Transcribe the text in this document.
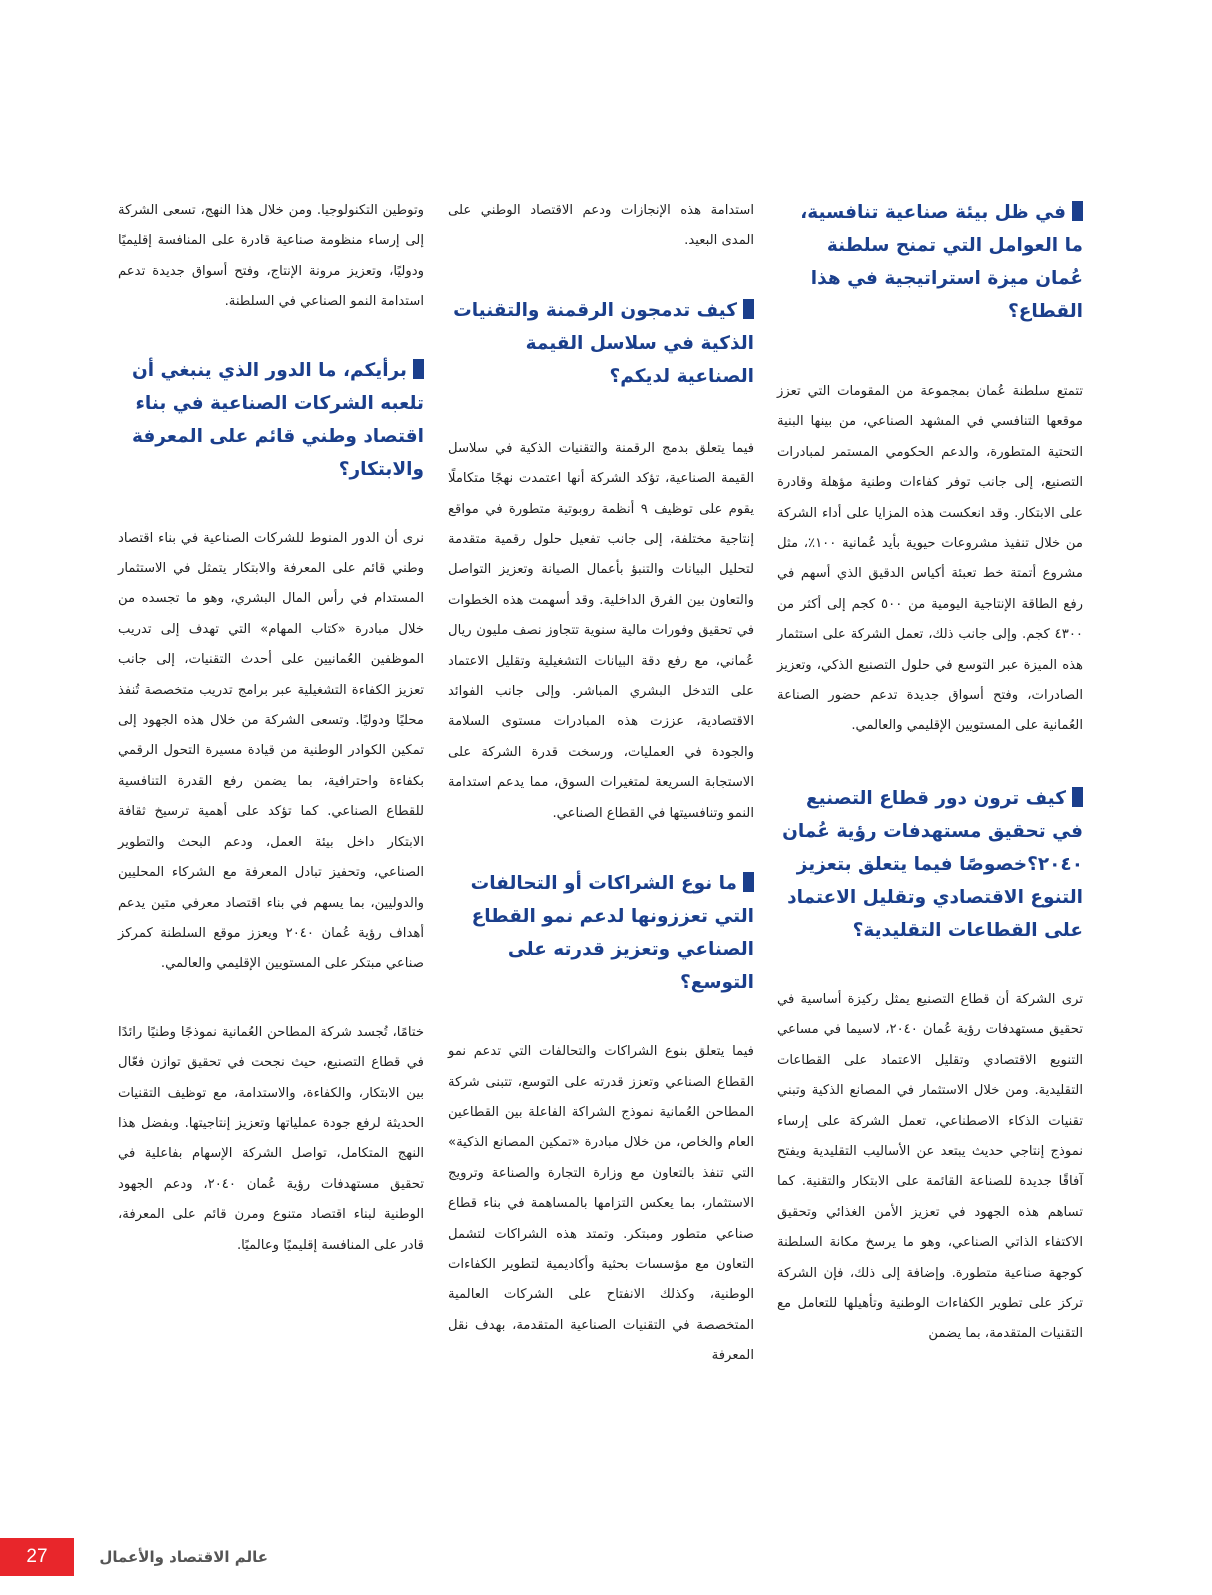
في ظل بيئة صناعية تنافسية، ما العوامل التي تمنح سلطنة عُمان ميزة استراتيجية في هذا القطاع؟

تتمتع سلطنة عُمان بمجموعة من المقومات التي تعزز موقعها التنافسي في المشهد الصناعي، من بينها البنية التحتية المتطورة، والدعم الحكومي المستمر لمبادرات التصنيع، إلى جانب توفر كفاءات وطنية مؤهلة وقادرة على الابتكار. وقد انعكست هذه المزايا على أداء الشركة من خلال تنفيذ مشروعات حيوية بأيد عُمانية ١٠٠٪، مثل مشروع أتمتة خط تعبئة أكياس الدقيق الذي أسهم في رفع الطاقة الإنتاجية اليومية من ٥٠٠ كجم إلى أكثر من ٤٣٠٠ كجم. وإلى جانب ذلك، تعمل الشركة على استثمار هذه الميزة عبر التوسع في حلول التصنيع الذكي، وتعزيز الصادرات، وفتح أسواق جديدة تدعم حضور الصناعة العُمانية على المستويين الإقليمي والعالمي.

كيف ترون دور قطاع التصنيع في تحقيق مستهدفات رؤية عُمان ٢٠٤٠؟خصوصًا فيما يتعلق بتعزيز التنوع الاقتصادي وتقليل الاعتماد على القطاعات التقليدية؟

ترى الشركة أن قطاع التصنيع يمثل ركيزة أساسية في تحقيق مستهدفات رؤية عُمان ٢٠٤٠، لاسيما في مساعي التنويع الاقتصادي وتقليل الاعتماد على القطاعات التقليدية. ومن خلال الاستثمار في المصانع الذكية وتبني تقنيات الذكاء الاصطناعي، تعمل الشركة على إرساء نموذج إنتاجي حديث يبتعد عن الأساليب التقليدية ويفتح آفاقًا جديدة للصناعة القائمة على الابتكار والتقنية. كما تساهم هذه الجهود في تعزيز الأمن الغذائي وتحقيق الاكتفاء الذاتي الصناعي، وهو ما يرسخ مكانة السلطنة كوجهة صناعية متطورة. وإضافة إلى ذلك، فإن الشركة تركز على تطوير الكفاءات الوطنية وتأهيلها للتعامل مع التقنيات المتقدمة، بما يضمن

استدامة هذه الإنجازات ودعم الاقتصاد الوطني على المدى البعيد.

كيف تدمجون الرقمنة والتقنيات الذكية في سلاسل القيمة الصناعية لديكم؟

فيما يتعلق بدمج الرقمنة والتقنيات الذكية في سلاسل القيمة الصناعية، تؤكد الشركة أنها اعتمدت نهجًا متكاملًا يقوم على توظيف ٩ أنظمة روبوتية متطورة في مواقع إنتاجية مختلفة، إلى جانب تفعيل حلول رقمية متقدمة لتحليل البيانات والتنبؤ بأعمال الصيانة وتعزيز التواصل والتعاون بين الفرق الداخلية. وقد أسهمت هذه الخطوات في تحقيق وفورات مالية سنوية تتجاوز نصف مليون ريال عُماني، مع رفع دقة البيانات التشغيلية وتقليل الاعتماد على التدخل البشري المباشر. وإلى جانب الفوائد الاقتصادية، عززت هذه المبادرات مستوى السلامة والجودة في العمليات، ورسخت قدرة الشركة على الاستجابة السريعة لمتغيرات السوق، مما يدعم استدامة النمو وتنافسيتها في القطاع الصناعي.

ما نوع الشراكات أو التحالفات التي تعززونها لدعم نمو القطاع الصناعي وتعزيز قدرته على التوسع؟

فيما يتعلق بنوع الشراكات والتحالفات التي تدعم نمو القطاع الصناعي وتعزز قدرته على التوسع، تتبنى شركة المطاحن العُمانية نموذج الشراكة الفاعلة بين القطاعين العام والخاص، من خلال مبادرة «تمكين المصانع الذكية» التي تنفذ بالتعاون مع وزارة التجارة والصناعة وترويج الاستثمار، بما يعكس التزامها بالمساهمة في بناء قطاع صناعي متطور ومبتكر. وتمتد هذه الشراكات لتشمل التعاون مع مؤسسات بحثية وأكاديمية لتطوير الكفاءات الوطنية، وكذلك الانفتاح على الشركات العالمية المتخصصة في التقنيات الصناعية المتقدمة، بهدف نقل المعرفة

وتوطين التكنولوجيا. ومن خلال هذا النهج، تسعى الشركة إلى إرساء منظومة صناعية قادرة على المنافسة إقليميًا ودوليًا، وتعزيز مرونة الإنتاج، وفتح أسواق جديدة تدعم استدامة النمو الصناعي في السلطنة.

برأيكم، ما الدور الذي ينبغي أن تلعبه الشركات الصناعية في بناء اقتصاد وطني قائم على المعرفة والابتكار؟

نرى أن الدور المنوط للشركات الصناعية في بناء اقتصاد وطني قائم على المعرفة والابتكار يتمثل في الاستثمار المستدام في رأس المال البشري، وهو ما تجسده من خلال مبادرة «كتاب المهام» التي تهدف إلى تدريب الموظفين العُمانيين على أحدث التقنيات، إلى جانب تعزيز الكفاءة التشغيلية عبر برامج تدريب متخصصة تُنفذ محليًا ودوليًا. وتسعى الشركة من خلال هذه الجهود إلى تمكين الكوادر الوطنية من قيادة مسيرة التحول الرقمي بكفاءة واحترافية، بما يضمن رفع القدرة التنافسية للقطاع الصناعي. كما تؤكد على أهمية ترسيخ ثقافة الابتكار داخل بيئة العمل، ودعم البحث والتطوير الصناعي، وتحفيز تبادل المعرفة مع الشركاء المحليين والدوليين، بما يسهم في بناء اقتصاد معرفي متين يدعم أهداف رؤية عُمان ٢٠٤٠ ويعزز موقع السلطنة كمركز صناعي مبتكر على المستويين الإقليمي والعالمي.

ختامًا، تُجسد شركة المطاحن العُمانية نموذجًا وطنيًا رائدًا في قطاع التصنيع، حيث نجحت في تحقيق توازن فعّال بين الابتكار، والكفاءة، والاستدامة، مع توظيف التقنيات الحديثة لرفع جودة عملياتها وتعزيز إنتاجيتها. وبفضل هذا النهج المتكامل، تواصل الشركة الإسهام بفاعلية في تحقيق مستهدفات رؤية عُمان ٢٠٤٠، ودعم الجهود الوطنية لبناء اقتصاد متنوع ومرن قائم على المعرفة، قادر على المنافسة إقليميًا وعالميًا.

27	عالم الاقتصاد والأعمال
